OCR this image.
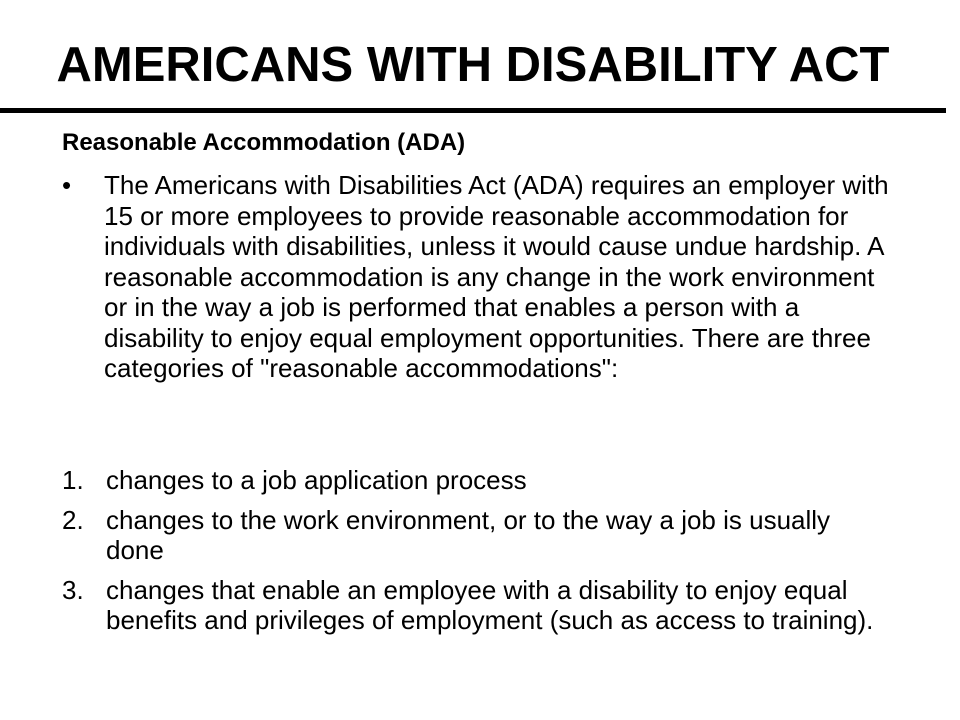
AMERICANS WITH DISABILITY ACT
Reasonable Accommodation (ADA)
• The Americans with Disabilities Act (ADA) requires an employer with 15 or more employees to provide reasonable accommodation for individuals with disabilities, unless it would cause undue hardship. A reasonable accommodation is any change in the work environment or in the way a job is performed that enables a person with a disability to enjoy equal employment opportunities. There are three categories of "reasonable accommodations":

1. changes to a job application process
2. changes to the work environment, or to the way a job is usually done
3. changes that enable an employee with a disability to enjoy equal benefits and privileges of employment (such as access to training).
